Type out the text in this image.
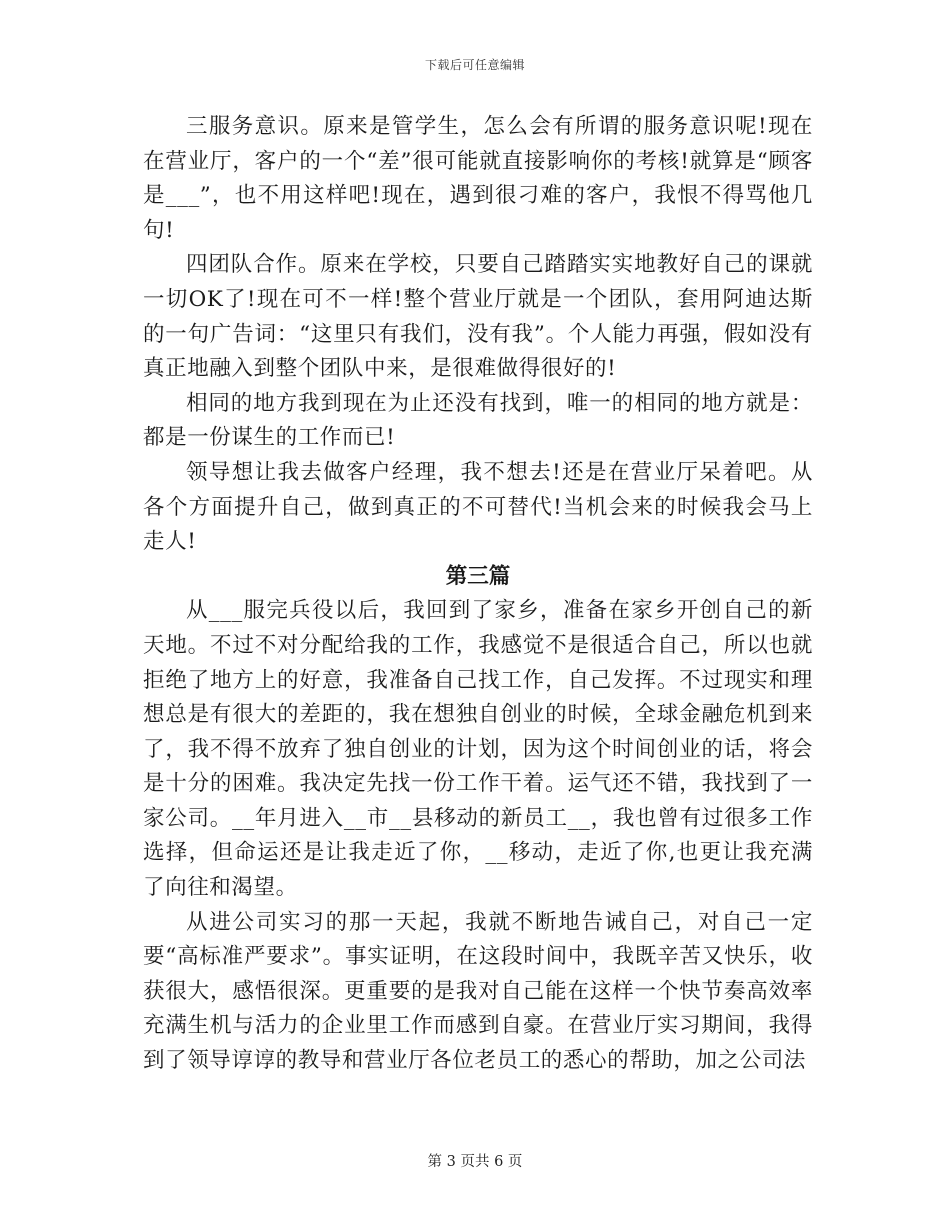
下载后可任意编辑

三服务意识。原来是管学生，怎么会有所谓的服务意识呢!现在在营业厅，客户的一个“差”很可能就直接影响你的考核!就算是“顾客是___”，也不用这样吧!现在，遇到很刁难的客户，我恨不得骂他几句!

四团队合作。原来在学校，只要自己踏踏实实地教好自己的课就一切OK了!现在可不一样!整个营业厅就是一个团队，套用阿迪达斯的一句广告词：“这里只有我们，没有我”。个人能力再强，假如没有真正地融入到整个团队中来，是很难做得很好的!

相同的地方我到现在为止还没有找到，唯一的相同的地方就是：都是一份谋生的工作而已!

领导想让我去做客户经理，我不想去!还是在营业厅呆着吧。从各个方面提升自己，做到真正的不可替代!当机会来的时候我会马上走人!

第三篇

从___服完兵役以后，我回到了家乡，准备在家乡开创自己的新天地。不过不对分配给我的工作，我感觉不是很适合自己，所以也就拒绝了地方上的好意，我准备自己找工作，自己发挥。不过现实和理想总是有很大的差距的，我在想独自创业的时候，全球金融危机到来了，我不得不放弃了独自创业的计划，因为这个时间创业的话，将会是十分的困难。我决定先找一份工作干着。运气还不错，我找到了一家公司。__年月进入__市__县移动的新员工__，我也曾有过很多工作选择，但命运还是让我走近了你，__移动，走近了你,也更让我充满了向往和渴望。

从进公司实习的那一天起，我就不断地告诫自己，对自己一定要“高标准严要求”。事实证明，在这段时间中，我既辛苦又快乐，收获很大，感悟很深。更重要的是我对自己能在这样一个快节奏高效率充满生机与活力的企业里工作而感到自豪。在营业厅实习期间，我得到了领导谆谆的教导和营业厅各位老员工的悉心的帮助，加之公司法

第 3 页共 6 页
